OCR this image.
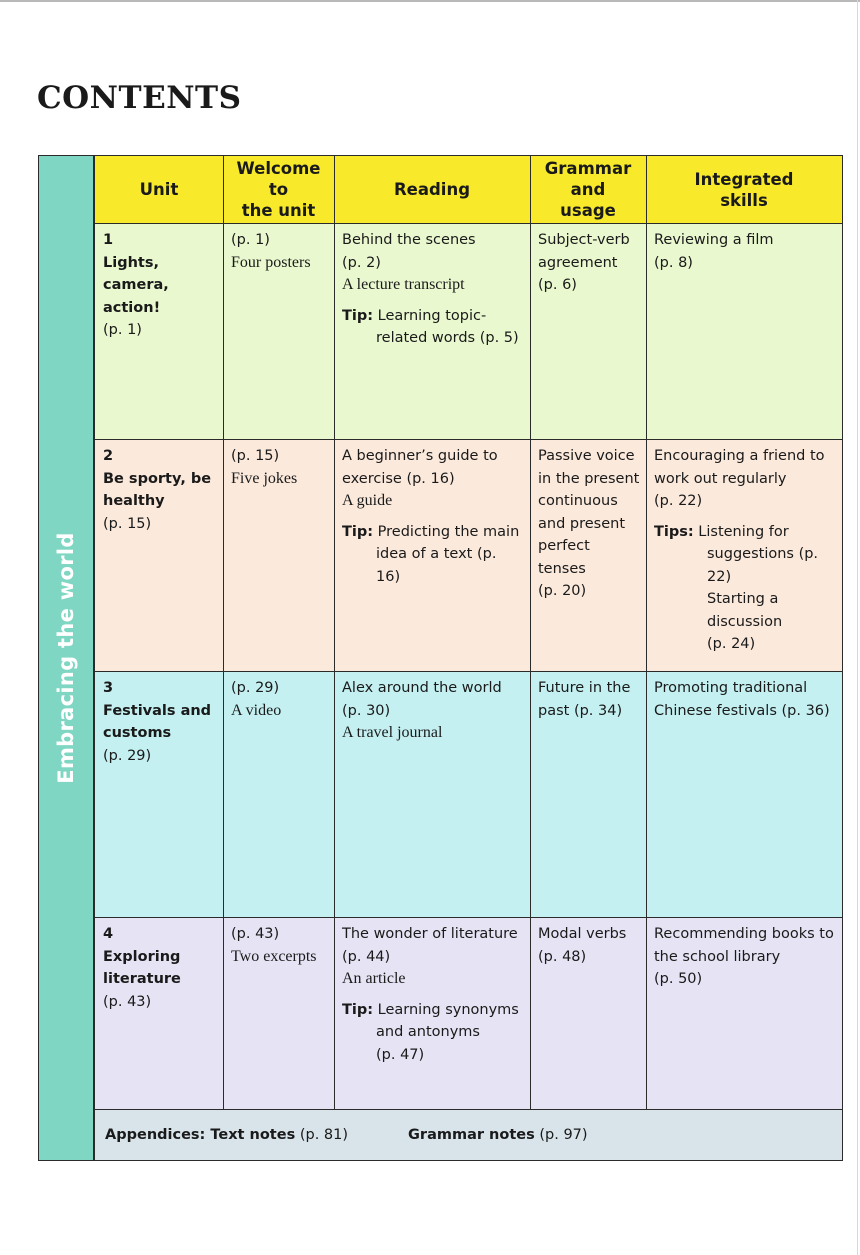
CONTENTS
Embracing the world
Unit
Welcome to
the unit
Reading
Grammar
and
usage
Integrated
skills
1
Lights, camera,
action!
(p. 1)
(p. 1)
Four posters
Behind the scenes
(p. 2)
A lecture transcript
Tip: Learning topic-
related words (p. 5)
Subject-verb
agreement
(p. 6)
Reviewing a film
(p. 8)
2
Be sporty, be
healthy
(p. 15)
(p. 15)
Five jokes
A beginner’s guide to
exercise (p. 16)
A guide
Tip: Predicting the main
idea of a text (p. 16)
Passive voice
in the present
continuous
and present
perfect tenses
(p. 20)
Encouraging a friend to
work out regularly
(p. 22)
Tips: Listening for
suggestions (p. 22)
Starting a discussion
(p. 24)
3
Festivals and
customs
(p. 29)
(p. 29)
A video
Alex around the world
(p. 30)
A travel journal
Future in the
past (p. 34)
Promoting traditional
Chinese festivals (p. 36)
4
Exploring
literature
(p. 43)
(p. 43)
Two excerpts
The wonder of literature
(p. 44)
An article
Tip: Learning synonyms
and antonyms
(p. 47)
Modal verbs
(p. 48)
Recommending books to
the school library
(p. 50)
Appendices: Text notes (p. 81)	Grammar notes (p. 97)
